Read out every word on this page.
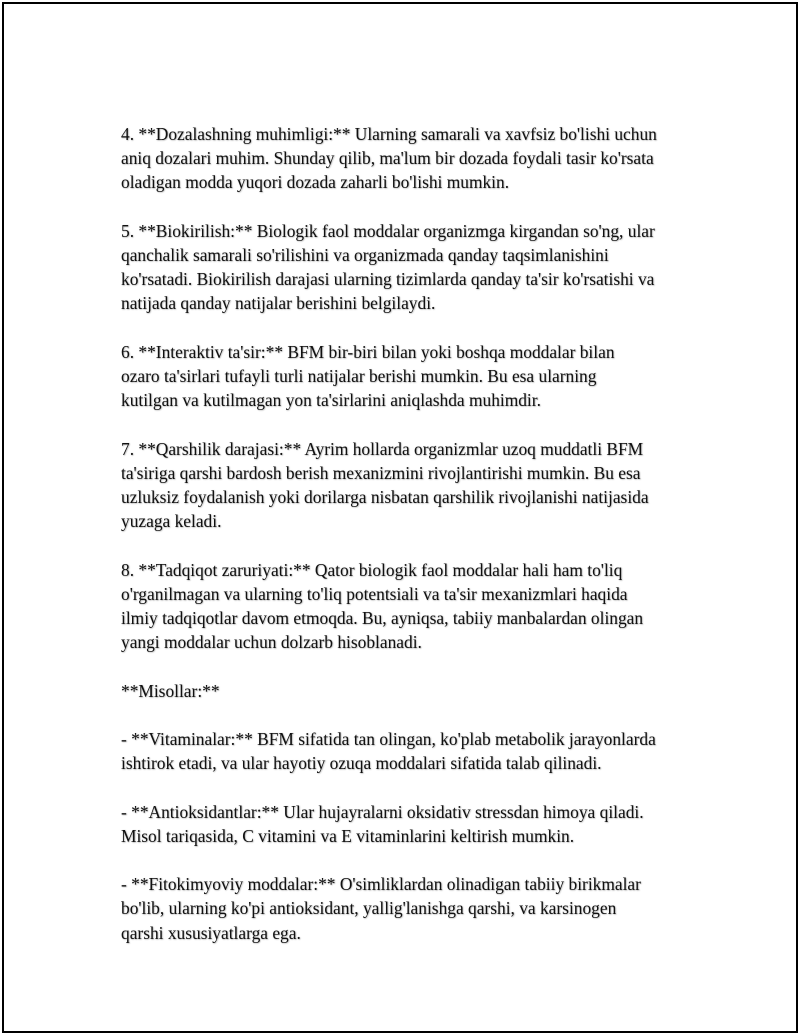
4. **Dozalashning muhimligi:** Ularning samarali va xavfsiz bo'lishi uchun
aniq dozalari muhim. Shunday qilib, ma'lum bir dozada foydali tasir ko'rsata
oladigan modda yuqori dozada zaharli bo'lishi mumkin.

5. **Biokirilish:** Biologik faol moddalar organizmga kirgandan so'ng, ular
qanchalik samarali so'rilishini va organizmada qanday taqsimlanishini
ko'rsatadi. Biokirilish darajasi ularning tizimlarda qanday ta'sir ko'rsatishi va
natijada qanday natijalar berishini belgilaydi.

6. **Interaktiv ta'sir:** BFM bir-biri bilan yoki boshqa moddalar bilan
ozaro ta'sirlari tufayli turli natijalar berishi mumkin. Bu esa ularning
kutilgan va kutilmagan yon ta'sirlarini aniqlashda muhimdir.

7. **Qarshilik darajasi:** Ayrim hollarda organizmlar uzoq muddatli BFM
ta'siriga qarshi bardosh berish mexanizmini rivojlantirishi mumkin. Bu esa
uzluksiz foydalanish yoki dorilarga nisbatan qarshilik rivojlanishi natijasida
yuzaga keladi.

8. **Tadqiqot zaruriyati:** Qator biologik faol moddalar hali ham to'liq
o'rganilmagan va ularning to'liq potentsiali va ta'sir mexanizmlari haqida
ilmiy tadqiqotlar davom etmoqda. Bu, ayniqsa, tabiiy manbalardan olingan
yangi moddalar uchun dolzarb hisoblanadi.

**Misollar:**

- **Vitaminalar:** BFM sifatida tan olingan, ko'plab metabolik jarayonlarda
ishtirok etadi, va ular hayotiy ozuqa moddalari sifatida talab qilinadi.

- **Antioksidantlar:** Ular hujayralarni oksidativ stressdan himoya qiladi.
Misol tariqasida, C vitamini va E vitaminlarini keltirish mumkin.

- **Fitokimyoviy moddalar:** O'simliklardan olinadigan tabiiy birikmalar
bo'lib, ularning ko'pi antioksidant, yallig'lanishga qarshi, va karsinogen
qarshi xususiyatlarga ega.
